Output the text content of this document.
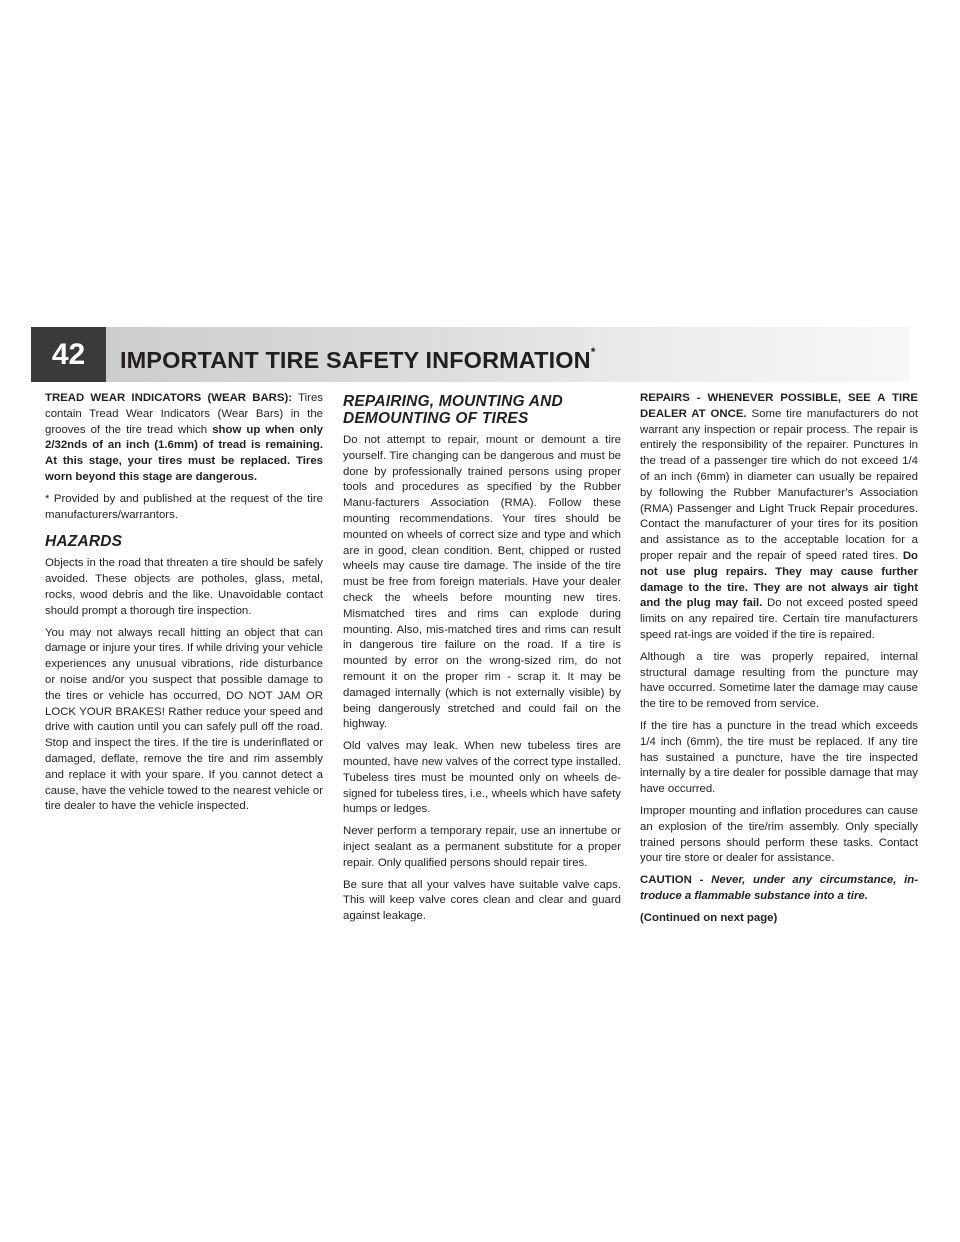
42	IMPORTANT TIRE SAFETY INFORMATION*

TREAD WEAR INDICATORS (WEAR BARS): Tires contain Tread Wear Indicators (Wear Bars) in the grooves of the tire tread which show up when only 2/32nds of an inch (1.6mm) of tread is remaining. At this stage, your tires must be replaced. Tires worn beyond this stage are dangerous.

* Provided by and published at the request of the tire manufacturers/warrantors.

HAZARDS

Objects in the road that threaten a tire should be safely avoided. These objects are potholes, glass, metal, rocks, wood debris and the like. Unavoidable contact should prompt a thorough tire inspection.

You may not always recall hitting an object that can damage or injure your tires. If while driving your vehicle experiences any unusual vibrations, ride disturbance or noise and/or you suspect that possible damage to the tires or vehicle has occurred, DO NOT JAM OR LOCK YOUR BRAKES! Rather reduce your speed and drive with caution until you can safely pull off the road. Stop and inspect the tires. If the tire is underinflated or damaged, deflate, remove the tire and rim assembly and replace it with your spare. If you cannot detect a cause, have the vehicle towed to the nearest vehicle or tire dealer to have the vehicle inspected.

REPAIRING, MOUNTING AND DEMOUNTING OF TIRES

Do not attempt to repair, mount or demount a tire yourself. Tire changing can be dangerous and must be done by professionally trained persons using proper tools and procedures as specified by the Rubber Manu-facturers Association (RMA). Follow these mounting recommendations. Your tires should be mounted on wheels of correct size and type and which are in good, clean condition. Bent, chipped or rusted wheels may cause tire damage. The inside of the tire must be free from foreign materials. Have your dealer check the wheels before mounting new tires. Mismatched tires and rims can explode during mounting. Also, mis-matched tires and rims can result in dangerous tire failure on the road. If a tire is mounted by error on the wrong-sized rim, do not remount it on the proper rim - scrap it. It may be damaged internally (which is not externally visible) by being dangerously stretched and could fail on the highway.

Old valves may leak. When new tubeless tires are mounted, have new valves of the correct type installed. Tubeless tires must be mounted only on wheels de-signed for tubeless tires, i.e., wheels which have safety humps or ledges.

Never perform a temporary repair, use an innertube or inject sealant as a permanent substitute for a proper repair. Only qualified persons should repair tires.

Be sure that all your valves have suitable valve caps. This will keep valve cores clean and clear and guard against leakage.

REPAIRS - WHENEVER POSSIBLE, SEE A TIRE DEALER AT ONCE. Some tire manufacturers do not warrant any inspection or repair process. The repair is entirely the responsibility of the repairer. Punctures in the tread of a passenger tire which do not exceed 1/4 of an inch (6mm) in diameter can usually be repaired by following the Rubber Manufacturer’s Association (RMA) Passenger and Light Truck Repair procedures. Contact the manufacturer of your tires for its position and assistance as to the acceptable location for a proper repair and the repair of speed rated tires. Do not use plug repairs. They may cause further damage to the tire. They are not always air tight and the plug may fail. Do not exceed posted speed limits on any repaired tire. Certain tire manufacturers speed rat-ings are voided if the tire is repaired.

Although a tire was properly repaired, internal structural damage resulting from the puncture may have occurred. Sometime later the damage may cause the tire to be removed from service.

If the tire has a puncture in the tread which exceeds 1/4 inch (6mm), the tire must be replaced. If any tire has sustained a puncture, have the tire inspected internally by a tire dealer for possible damage that may have occurred.

Improper mounting and inflation procedures can cause an explosion of the tire/rim assembly. Only specially trained persons should perform these tasks. Contact your tire store or dealer for assistance.

CAUTION - Never, under any circumstance, in-troduce a flammable substance into a tire.

(Continued on next page)
